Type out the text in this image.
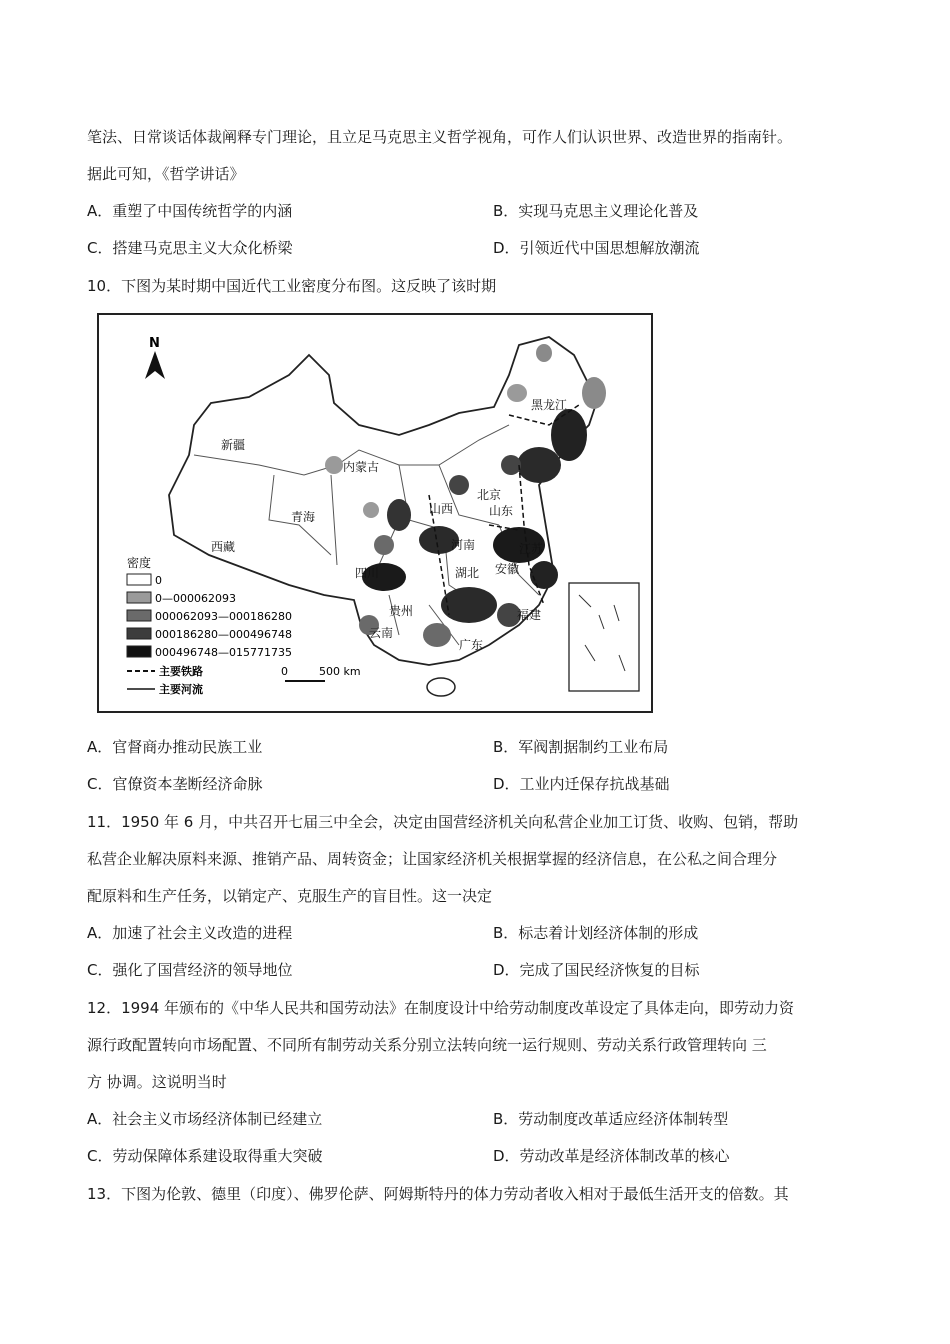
笔法、日常谈话体裁阐释专门理论，且立足马克思主义哲学视角，可作人们认识世界、改造世界的指南针。
据此可知，《哲学讲话》
A．重塑了中国传统哲学的内涵	B．实现马克思主义理论化普及
C．搭建马克思主义大众化桥梁	D．引领近代中国思想解放潮流
10．下图为某时期中国近代工业密度分布图。这反映了该时期
N
新疆
西藏
青海
内蒙古
黑龙江
北京
山西	山东
河南	江苏
安徽
湖北
四川
贵州
云南
福建
广东
密度
0
0—000062093
000062093—000186280
000186280—000496748
000496748—015771735
主要铁路
主要河流
0	500 km
A．官督商办推动民族工业	B．军阀割据制约工业布局
C．官僚资本垄断经济命脉	D．工业内迁保存抗战基础
11．1950 年 6 月，中共召开七届三中全会，决定由国营经济机关向私营企业加工订货、收购、包销，帮助
私营企业解决原料来源、推销产品、周转资金；让国家经济机关根据掌握的经济信息，在公私之间合理分
配原料和生产任务，以销定产、克服生产的盲目性。这一决定
A．加速了社会主义改造的进程	B．标志着计划经济体制的形成
C．强化了国营经济的领导地位	D．完成了国民经济恢复的目标
12．1994 年颁布的《中华人民共和国劳动法》在制度设计中给劳动制度改革设定了具体走向，即劳动力资
源行政配置转向市场配置、不同所有制劳动关系分别立法转向统一运行规则、劳动关系行政管理转向 三
方 协调。这说明当时
A．社会主义市场经济体制已经建立	B．劳动制度改革适应经济体制转型
C．劳动保障体系建设取得重大突破	D．劳动改革是经济体制改革的核心
13．下图为伦敦、德里（印度）、佛罗伦萨、阿姆斯特丹的体力劳动者收入相对于最低生活开支的倍数。其
